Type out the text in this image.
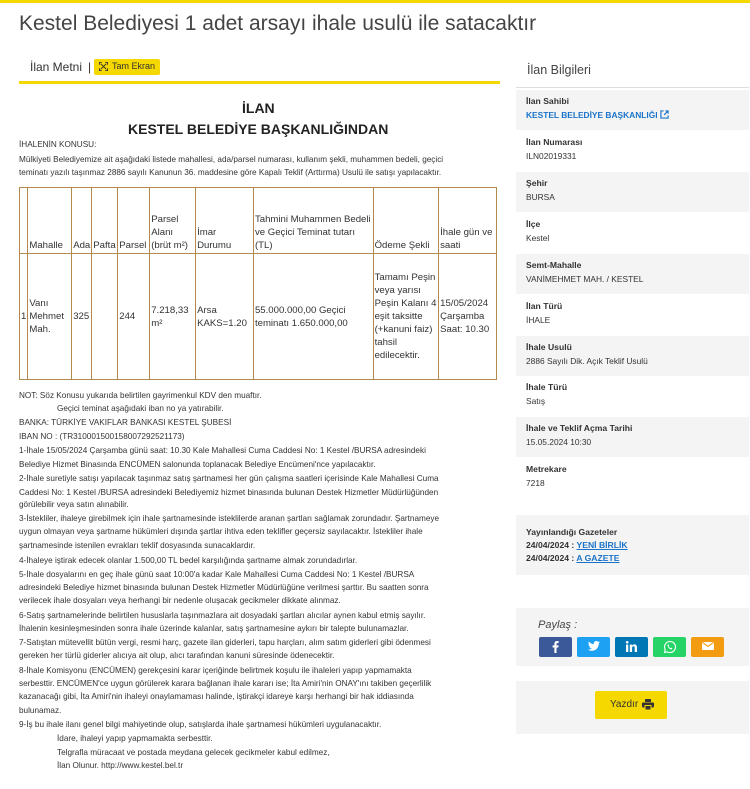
Kestel Belediyesi 1 adet arsayı ihale usulü ile satacaktır
İlan Metni |	Tam Ekran
İLAN
KESTEL BELEDİYE BAŞKANLIĞINDAN
İHALENİN KONUSU:
Mülkiyeti Belediyemize ait aşağıdaki listede mahallesi, ada/parsel numarası, kullanım şekli, muhammen bedeli, geçici
teminatı yazılı taşınmaz 2886 sayılı Kanunun 36. maddesine göre Kapalı Teklif (Arttırma) Usulü ile satışı yapılacaktır.
	Mahalle	Ada	Pafta	Parsel	Parsel Alanı (brüt m²)	İmar Durumu	Tahmini Muhammen Bedeli ve Geçici Teminat tutarı (TL)	Ödeme Şekli	İhale gün ve saati
1	Vanı Mehmet Mah.	325		244	7.218,33 m²	Arsa KAKS=1.20	55.000.000,00 Geçici teminatı 1.650.000,00	Tamamı Peşin veya yarısı Peşin Kalanı 4 eşit taksitte (+kanuni faiz) tahsil edilecektir.	15/05/2024 Çarşamba Saat: 10.30
NOT: Söz Konusu yukarıda belirtilen gayrimenkul KDV den muaftır.
Geçici teminat aşağıdaki iban no ya yatırabilir.
BANKA: TÜRKİYE VAKIFLAR BANKASI KESTEL ŞUBESİ
IBAN NO : (TR310001500158007292521173)
1-İhale 15/05/2024 Çarşamba günü saat: 10.30 Kale Mahallesi Cuma Caddesi No: 1 Kestel /BURSA adresindeki
Belediye Hizmet Binasında ENCÜMEN salonunda toplanacak Belediye Encümeni'nce yapılacaktır.
2-İhale suretiyle satışı yapılacak taşınmaz satış şartnamesi her gün çalışma saatleri içerisinde Kale Mahallesi Cuma
Caddesi No: 1 Kestel /BURSA adresindeki Belediyemiz hizmet binasında bulunan Destek Hizmetler Müdürlüğünden
görülebilir veya satın alınabilir.
3-İstekliler, ihaleye girebilmek için ihale şartnamesinde isteklilerde aranan şartları sağlamak zorundadır. Şartnameye
uygun olmayan veya şartname hükümleri dışında şartlar ihtiva eden teklifler geçersiz sayılacaktır. İstekliler ihale
şartnamesinde istenilen evrakları teklif dosyasında sunacaklardır.
4-İhaleye iştirak edecek olanlar 1.500,00 TL bedel karşılığında şartname almak zorundadırlar.
5-İhale dosyalarını en geç ihale günü saat 10:00'a kadar Kale Mahallesi Cuma Caddesi No: 1 Kestel /BURSA
adresindeki Belediye hizmet binasında bulunan Destek Hizmetler Müdürlüğüne verilmesi şarttır. Bu saatten sonra
verilecek ihale dosyaları veya herhangi bir nedenle oluşacak gecikmeler dikkate alınmaz.
6-Satış şartnamelerinde belirtilen hususlarla taşınmazlara ait dosyadaki şartları alıcılar aynen kabul etmiş sayılır.
İhalenin kesinleşmesinden sonra ihale üzerinde kalanlar, satış şartnamesine aykırı bir talepte bulunamazlar.
7-Satıştan mütevellit bütün vergi, resmi harç, gazete ilan giderleri, tapu harçları, alım satım giderleri gibi ödenmesi
gereken her türlü giderler alıcıya ait olup, alıcı tarafından kanuni süresinde ödenecektir.
8-İhale Komisyonu (ENCÜMEN) gerekçesini karar içeriğinde belirtmek koşulu ile ihaleleri yapıp yapmamakta
serbesttir. ENCÜMEN'ce uygun görülerek karara bağlanan ihale kararı ise; İta Amiri'nin ONAY'ını takiben geçerlilik
kazanacağı gibi, İta Amiri'nin ihaleyi onaylamaması halinde, iştirakçi idareye karşı herhangi bir hak iddiasında
bulunamaz.
9-İş bu ihale ilanı genel bilgi mahiyetinde olup, satışlarda ihale şartnamesi hükümleri uygulanacaktır.
İdare, ihaleyi yapıp yapmamakta serbesttir.
Telgrafla müracaat ve postada meydana gelecek gecikmeler kabul edilmez,
İlan Olunur. http://www.kestel.bel.tr
İlan Bilgileri
İlan Sahibi
KESTEL BELEDİYE BAŞKANLIĞI
İlan Numarası
ILN02019331
Şehir
BURSA
İlçe
Kestel
Semt-Mahalle
VANİMEHMET MAH. / KESTEL
İlan Türü
İHALE
İhale Usulü
2886 Sayılı Dik. Açık Teklif Usulü
İhale Türü
Satış
İhale ve Teklif Açma Tarihi
15.05.2024 10:30
Metrekare
7218
Yayınlandığı Gazeteler
24/04/2024 : YENİ BİRLİK
24/04/2024 : A GAZETE
Paylaş :
Yazdır
